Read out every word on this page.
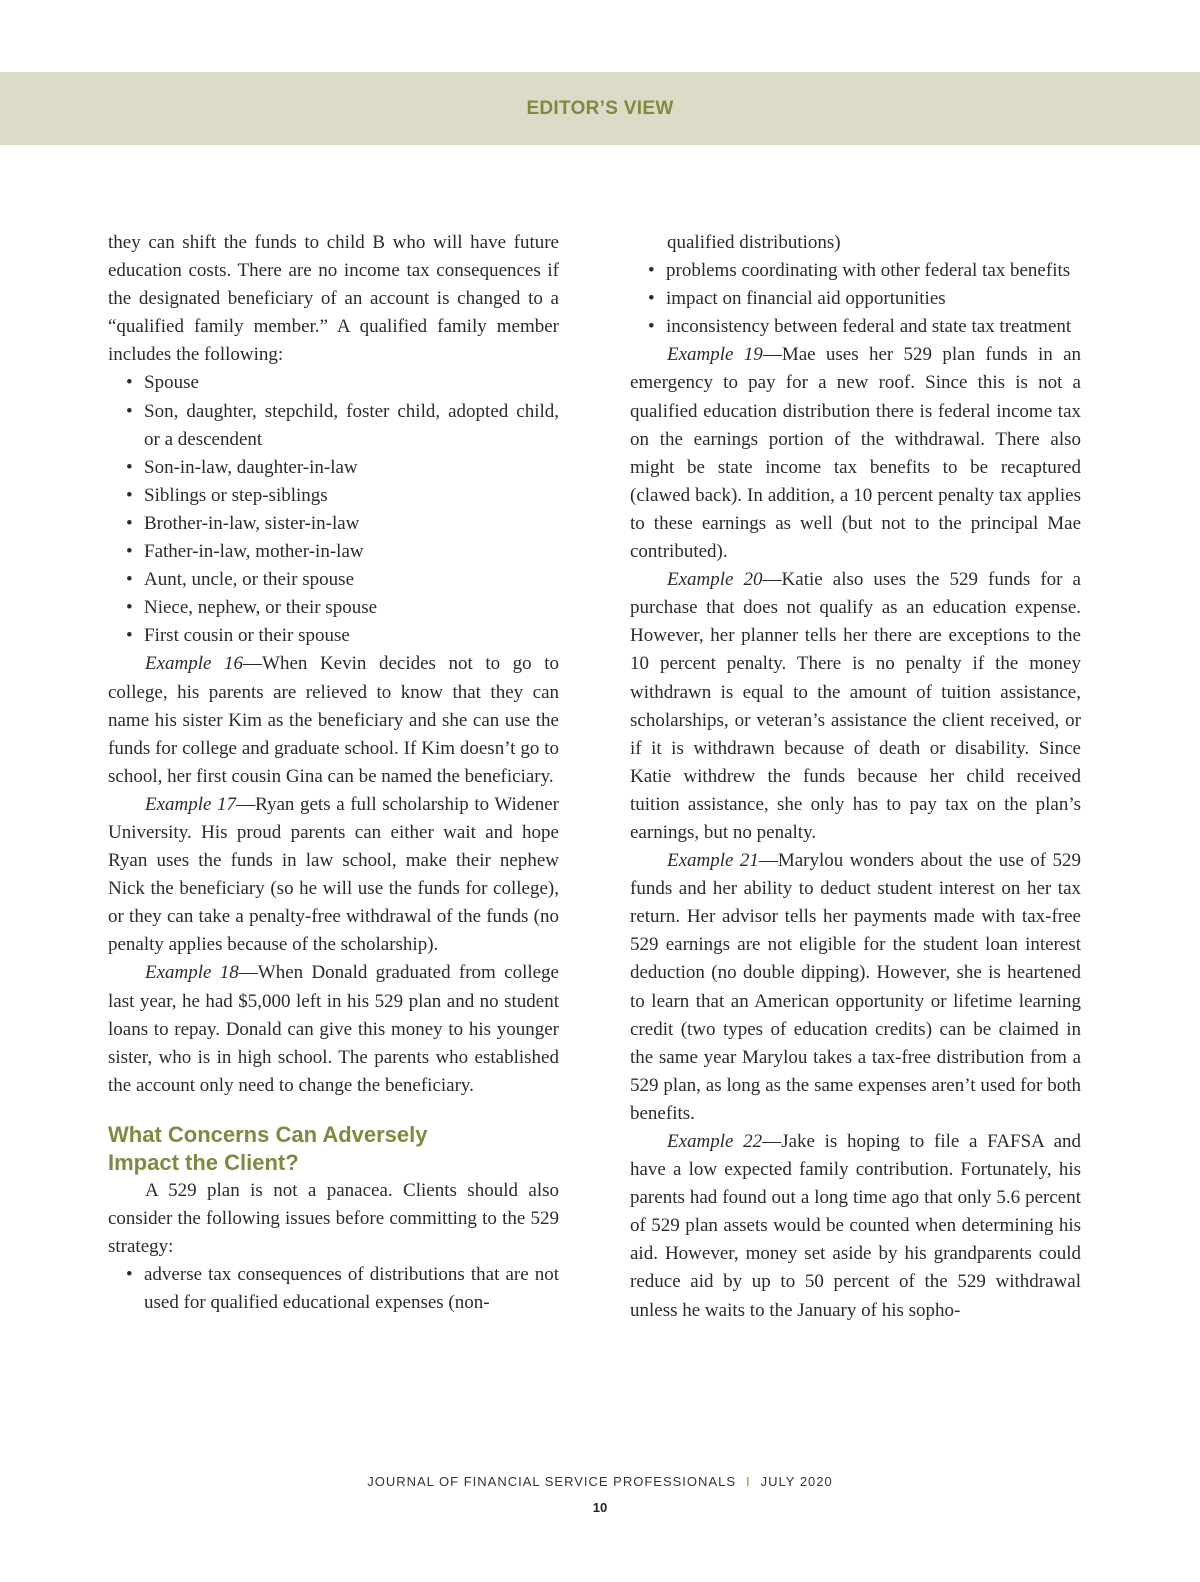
EDITOR’S VIEW

they can shift the funds to child B who will have future education costs. There are no income tax consequences if the designated beneficiary of an account is changed to a “qualified family member.” A qualified family member includes the following:

• Spouse
• Son, daughter, stepchild, foster child, adopted child, or a descendent
• Son-in-law, daughter-in-law
• Siblings or step-siblings
• Brother-in-law, sister-in-law
• Father-in-law, mother-in-law
• Aunt, uncle, or their spouse
• Niece, nephew, or their spouse
• First cousin or their spouse

Example 16—When Kevin decides not to go to college, his parents are relieved to know that they can name his sister Kim as the beneficiary and she can use the funds for college and graduate school. If Kim doesn’t go to school, her first cousin Gina can be named the beneficiary.

Example 17—Ryan gets a full scholarship to Widener University. His proud parents can either wait and hope Ryan uses the funds in law school, make their nephew Nick the beneficiary (so he will use the funds for college), or they can take a penalty-free withdrawal of the funds (no penalty applies because of the scholarship).

Example 18—When Donald graduated from college last year, he had $5,000 left in his 529 plan and no student loans to repay. Donald can give this money to his younger sister, who is in high school. The parents who established the account only need to change the beneficiary.

What Concerns Can Adversely
Impact the Client?

A 529 plan is not a panacea. Clients should also consider the following issues before committing to the 529 strategy:

• adverse tax consequences of distributions that are not used for qualified educational expenses (non-

qualified distributions)

• problems coordinating with other federal tax benefits
• impact on financial aid opportunities
• inconsistency between federal and state tax treatment

Example 19—Mae uses her 529 plan funds in an emergency to pay for a new roof. Since this is not a qualified education distribution there is federal income tax on the earnings portion of the withdrawal. There also might be state income tax benefits to be recaptured (clawed back). In addition, a 10 percent penalty tax applies to these earnings as well (but not to the principal Mae contributed).

Example 20—Katie also uses the 529 funds for a purchase that does not qualify as an education expense. However, her planner tells her there are exceptions to the 10 percent penalty. There is no penalty if the money withdrawn is equal to the amount of tuition assistance, scholarships, or veteran’s assistance the client received, or if it is withdrawn because of death or disability. Since Katie withdrew the funds because her child received tuition assistance, she only has to pay tax on the plan’s earnings, but no penalty.

Example 21—Marylou wonders about the use of 529 funds and her ability to deduct student interest on her tax return. Her advisor tells her payments made with tax-free 529 earnings are not eligible for the student loan interest deduction (no double dipping). However, she is heartened to learn that an American opportunity or lifetime learning credit (two types of education credits) can be claimed in the same year Marylou takes a tax-free distribution from a 529 plan, as long as the same expenses aren’t used for both benefits.

Example 22—Jake is hoping to file a FAFSA and have a low expected family contribution. Fortunately, his parents had found out a long time ago that only 5.6 percent of 529 plan assets would be counted when determining his aid. However, money set aside by his grandparents could reduce aid by up to 50 percent of the 529 withdrawal unless he waits to the January of his sopho-

JOURNAL OF FINANCIAL SERVICE PROFESSIONALS I JULY 2020
10
